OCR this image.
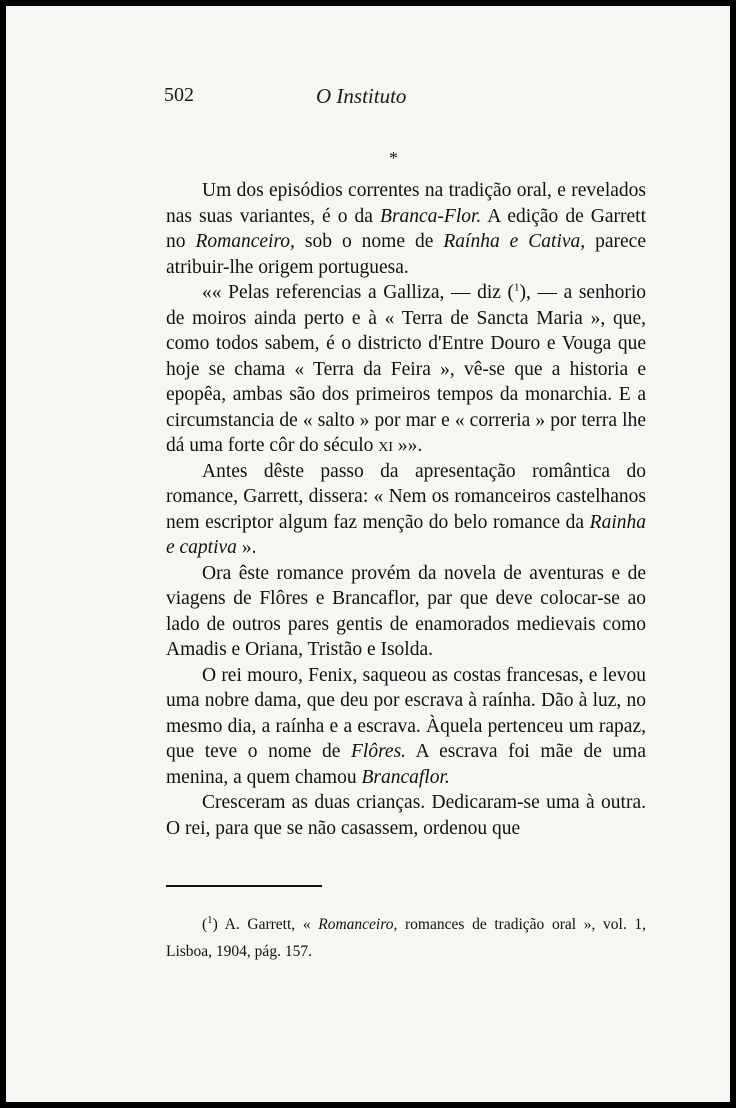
502	O Instituto
*

Um dos episódios correntes na tradição oral, e revelados nas suas variantes, é o da Branca-Flor. A edição de Garrett no Romanceiro, sob o nome de Raínha e Cativa, parece atribuir-lhe origem portuguesa.

«« Pelas referencias a Galliza, — diz ($^1$), — a senhorio de moiros ainda perto e à « Terra de Sancta Maria », que, como todos sabem, é o districto d'Entre Douro e Vouga que hoje se chama « Terra da Feira », vê-se que a historia e epopêa, ambas são dos primeiros tempos da monarchia. E a circumstancia de « salto » por mar e « correria » por terra lhe dá uma forte côr do século xi »».

Antes dêste passo da apresentação romântica do romance, Garrett, dissera: « Nem os romanceiros castelhanos nem escriptor algum faz menção do belo romance da Rainha e captiva ».

Ora êste romance provém da novela de aventuras e de viagens de Flôres e Brancaflor, par que deve colocar-se ao lado de outros pares gentis de enamorados medievais como Amadis e Oriana, Tristão e Isolda.

O rei mouro, Fenix, saqueou as costas francesas, e levou uma nobre dama, que deu por escrava à raínha. Dão à luz, no mesmo dia, a raínha e a escrava. Àquela pertenceu um rapaz, que teve o nome de Flôres. A escrava foi mãe de uma menina, a quem chamou Brancaflor.

Cresceram as duas crianças. Dedicaram-se uma à outra. O rei, para que se não casassem, ordenou que

($^1$) A. Garrett, « Romanceiro, romances de tradição oral », vol. 1, Lisboa, 1904, pág. 157.
